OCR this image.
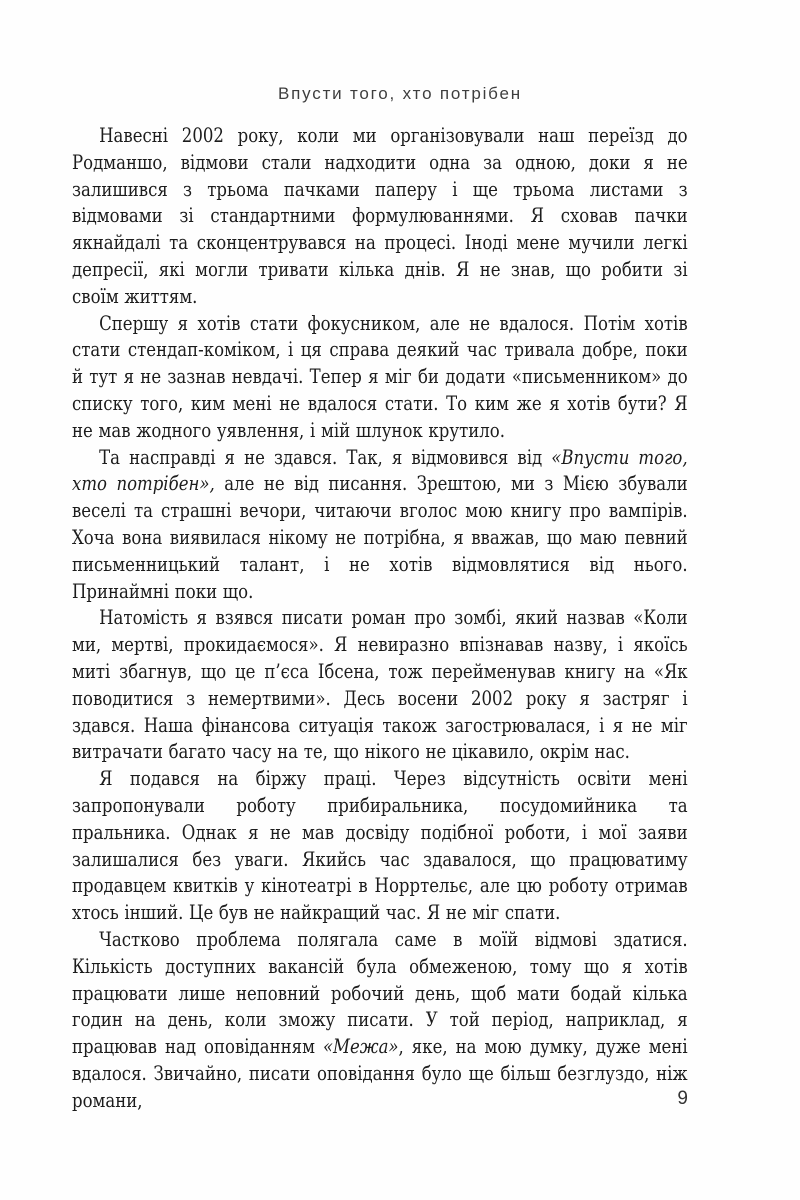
Впусти того, хто потрібен

Навесні 2002 року, коли ми організовували наш переїзд до Родманшо, відмови стали надходити одна за одною, доки я не залишився з трьома пачками паперу і ще трьома листами з відмовами зі стандартними формулюваннями. Я сховав пачки якнайдалі та сконцентрувався на процесі. Іноді мене мучили легкі депресії, які могли тривати кілька днів. Я не знав, що робити зі своїм життям.

Спершу я хотів стати фокусником, але не вдалося. Потім хотів стати стендап-коміком, і ця справа деякий час тривала добре, поки й тут я не зазнав невдачі. Тепер я міг би додати «письменником» до списку того, ким мені не вдалося стати. То ким же я хотів бути? Я не мав жодного уявлення, і мій шлунок крутило.

Та насправді я не здався. Так, я відмовився від «Впусти того, хто потрібен», але не від писання. Зрештою, ми з Мією збували веселі та страшні вечори, читаючи вголос мою книгу про вампірів. Хоча вона виявилася нікому не потрібна, я вважав, що маю певний письменницький талант, і не хотів відмовлятися від нього. Принаймні поки що.

Натомість я взявся писати роман про зомбі, який назвав «Коли ми, мертві, прокидаємося». Я невиразно впізнавав назву, і якоїсь миті збагнув, що це п’єса Ібсена, тож перейменував книгу на «Як поводитися з немертвими». Десь восени 2002 року я застряг і здався. Наша фінансова ситуація також загострювалася, і я не міг витрачати багато часу на те, що нікого не цікавило, окрім нас.

Я подався на біржу праці. Через відсутність освіти мені запропонували роботу прибиральника, посудомийника та пральника. Однак я не мав досвіду подібної роботи, і мої заяви залишалися без уваги. Якийсь час здавалося, що працюватиму продавцем квитків у кінотеатрі в Норртельє, але цю роботу отримав хтось інший. Це був не найкращий час. Я не міг спати.

Частково проблема полягала саме в моїй відмові здатися. Кількість доступних вакансій була обмеженою, тому що я хотів працювати лише неповний робочий день, щоб мати бодай кілька годин на день, коли зможу писати. У той період, наприклад, я працював над оповіданням «Межа», яке, на мою думку, дуже мені вдалося. Звичайно, писати оповідання було ще більш безглуздо, ніж романи,	9
